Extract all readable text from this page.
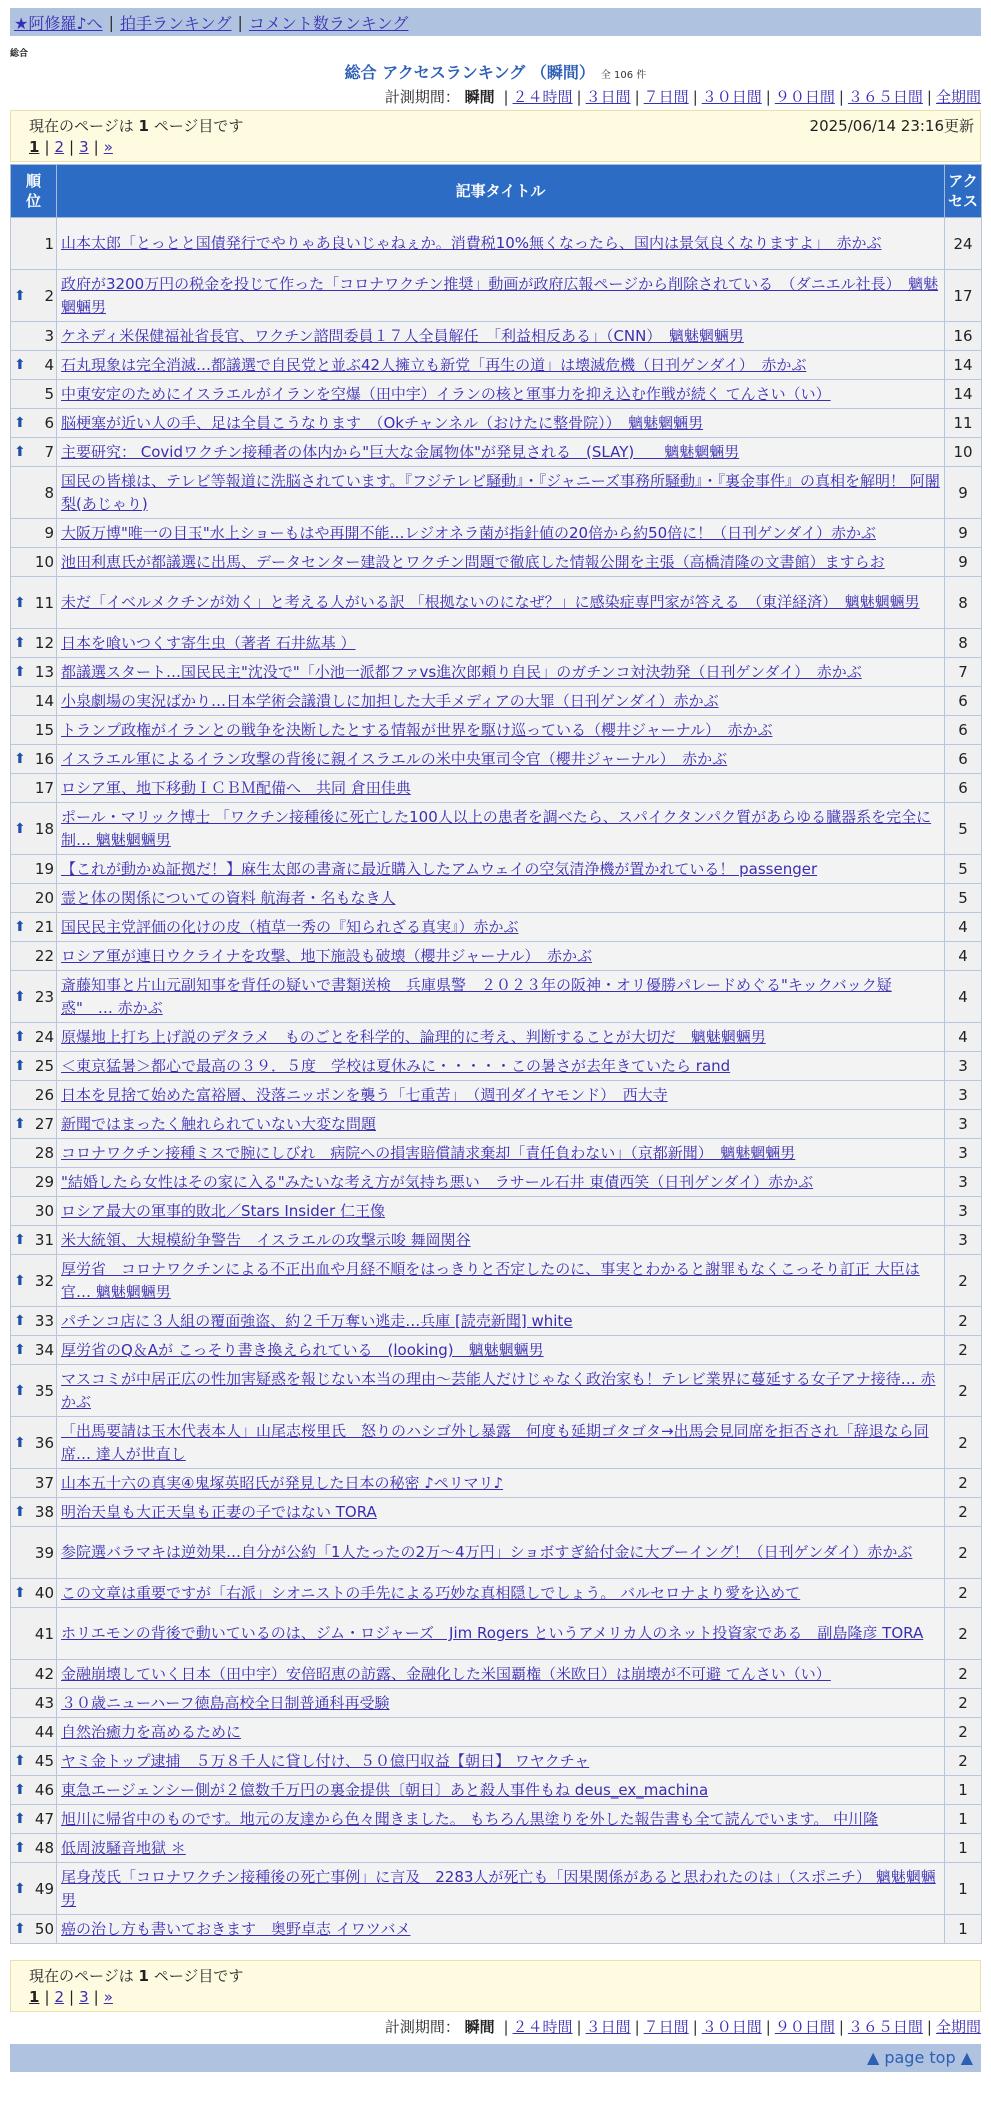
★阿修羅♪へ | 拍手ランキング | コメント数ランキング
総合
総合 アクセスランキング （瞬間） 全 106 件
計測期間： 瞬間 | ２４時間 | ３日間 | ７日間 | ３０日間 | ９０日間 | ３６５日間 | 全期間
現在のページは 1 ページ目です	2025/06/14 23:16更新
1 | 2 | 3 | »
順位	記事タイトル	アクセス
1	山本太郎「とっとと国債発行でやりゃあ良いじゃねぇか。消費税10%無くなったら、国内は景気良くなりますよ」　赤かぶ	24

⬆ 2	政府が3200万円の税金を投じて作った「コロナワクチン推奨」動画が政府広報ページから削除されている　（ダニエル社長）　魑魅魍魎男	17
3	ケネディ米保健福祉省長官、ワクチン諮問委員１７人全員解任　「利益相反ある」（CNN）　魑魅魍魎男	16

⬆ 4	石丸現象は完全消滅…都議選で自民党と並ぶ42人擁立も新党「再生の道」は壊滅危機（日刊ゲンダイ）　赤かぶ	14
5	中東安定のためにイスラエルがイランを空爆（田中宇）イランの核と軍事力を抑え込む作戦が続く てんさい（い）	14

⬆ 6	脳梗塞が近い人の手、足は全員こうなります　（Okチャンネル（おけたに整骨院））　魑魅魍魎男	11

⬆ 7	主要研究： Covidワクチン接種者の体内から"巨大な金属物体"が発見される　(SLAY)　　魑魅魍魎男	10
8	国民の皆様は、テレビ等報道に洗脳されています。『フジテレビ騒動』・『ジャニーズ事務所騒動』・『裏金事件』の真相を解明！ 阿闍梨(あじゃり)	9
9	大阪万博"唯一の目玉"水上ショーもはや再開不能…レジオネラ菌が指針値の20倍から約50倍に！（日刊ゲンダイ）赤かぶ	9
10	池田利恵氏が都議選に出馬、データセンター建設とワクチン問題で徹底した情報公開を主張（高橋清隆の文書館）ますらお	9

⬆ 11	未だ「イベルメクチンが効く」と考える人がいる訳 「根拠ないのになぜ？」に感染症専門家が答える　（東洋経済）　魑魅魍魎男	8

⬆ 12	日本を喰いつくす寄生虫（著者 石井紘基 ）	8

⬆ 13	都議選スタート…国民民主"沈没で"「小池一派都ファvs進次郎頼り自民」のガチンコ対決勃発（日刊ゲンダイ）　赤かぶ	7
14	小泉劇場の実況ばかり…日本学術会議潰しに加担した大手メディアの大罪（日刊ゲンダイ）赤かぶ	6
15	トランプ政権がイランとの戦争を決断したとする情報が世界を駆け巡っている（櫻井ジャーナル）　赤かぶ	6

⬆ 16	イスラエル軍によるイラン攻撃の背後に親イスラエルの米中央軍司令官（櫻井ジャーナル）　赤かぶ	6
17	ロシア軍、地下移動ＩＣＢＭ配備へ　共同 倉田佳典	6

⬆ 18	ポール・マリック博士 「ワクチン接種後に死亡した100人以上の患者を調べたら、スパイクタンパク質があらゆる臓器系を完全に制… 魑魅魍魎男	5
19	【これが動かぬ証拠だ！】麻生太郎の書斎に最近購入したアムウェイの空気清浄機が置かれている！ passenger	5
20	霊と体の関係についての資料 航海者・名もなき人	5

⬆ 21	国民民主党評価の化けの皮（植草一秀の『知られざる真実』）赤かぶ	4
22	ロシア軍が連日ウクライナを攻撃、地下施設も破壊（櫻井ジャーナル）　赤かぶ	4

⬆ 23	斎藤知事と片山元副知事を背任の疑いで書類送検　兵庫県警　２０２３年の阪神・オリ優勝パレードめぐる"キックバック疑惑"　… 赤かぶ	4

⬆ 24	原爆地上打ち上げ説のデタラメ　ものごとを科学的、論理的に考え、判断することが大切だ　魑魅魍魎男	4

⬆ 25	＜東京猛暑＞都心で最高の３９．５度　学校は夏休みに・・・・・この暑さが去年きていたら rand	3
26	日本を見捨て始めた富裕層、没落ニッポンを襲う「七重苦」　（週刊ダイヤモンド）　西大寺	3

⬆ 27	新聞ではまったく触れられていない大変な問題	3
28	コロナワクチン接種ミスで腕にしびれ　病院への損害賠償請求棄却「責任負わない」（京都新聞）　魑魅魍魎男	3
29	"結婚したら女性はその家に入る"みたいな考え方が気持ち悪い　ラサール石井 東債西笑（日刊ゲンダイ）赤かぶ	3
30	ロシア最大の軍事的敗北／Stars Insider 仁王像	3

⬆ 31	米大統領、大規模紛争警告　イスラエルの攻撃示唆 舞岡関谷	3

⬆ 32	厚労省　コロナワクチンによる不正出血や月経不順をはっきりと否定したのに、事実とわかると謝罪もなくこっそり訂正 大臣は官… 魑魅魍魎男	2

⬆ 33	パチンコ店に３人組の覆面強盗、約２千万奪い逃走…兵庫 [読売新聞] white	2

⬆ 34	厚労省のQ＆Aが こっそり書き換えられている　(looking)　魑魅魍魎男	2

⬆ 35	マスコミが中居正広の性加害疑惑を報じない本当の理由〜芸能人だけじゃなく政治家も！テレビ業界に蔓延する女子アナ接待… 赤かぶ	2

⬆ 36	「出馬要請は玉木代表本人」山尾志桜里氏　怒りのハシゴ外し暴露　何度も延期ゴタゴタ→出馬会見同席を拒否され「辞退なら同席… 達人が世直し	2
37	山本五十六の真実④鬼塚英昭氏が発見した日本の秘密 ♪ペリマリ♪	2

⬆ 38	明治天皇も大正天皇も正妻の子ではない TORA	2
39	参院選バラマキは逆効果…自分が公約「1人たったの2万〜4万円」ショボすぎ給付金に大ブーイング！（日刊ゲンダイ）赤かぶ	2

⬆ 40	この文章は重要ですが「右派」シオニストの手先による巧妙な真相隠しでしょう。 バルセロナより愛を込めて	2
41	ホリエモンの背後で動いているのは、ジム・ロジャーズ　Jim Rogers というアメリカ人のネット投資家である　副島隆彦 TORA	2
42	金融崩壊していく日本（田中宇）安倍昭恵の訪露、金融化した米国覇権（米欧日）は崩壊が不可避 てんさい（い）	2
43	３０歳ニューハーフ徳島高校全日制普通科再受験	2
44	自然治癒力を高めるために	2

⬆ 45	ヤミ金トップ逮捕　５万８千人に貸し付け、５０億円収益【朝日】 ワヤクチャ	2

⬆ 46	東急エージェンシー側が２億数千万円の裏金提供〔朝日〕あと殺人事件もね deus_ex_machina	1

⬆ 47	旭川に帰省中のものです。地元の友達から色々聞きました。 もちろん黒塗りを外した報告書も全て読んでいます。 中川隆	1

⬆ 48	低周波騒音地獄 ＊	1

⬆ 49	尾身茂氏「コロナワクチン接種後の死亡事例」に言及　2283人が死亡も「因果関係があると思われたのは」（スポニチ） 魑魅魍魎男	1

⬆ 50	癌の治し方も書いておきます　奥野卓志 イワツバメ	1
現在のページは 1 ページ目です
1 | 2 | 3 | »
計測期間： 瞬間 | ２４時間 | ３日間 | ７日間 | ３０日間 | ９０日間 | ３６５日間 | 全期間
▲ page top ▲
